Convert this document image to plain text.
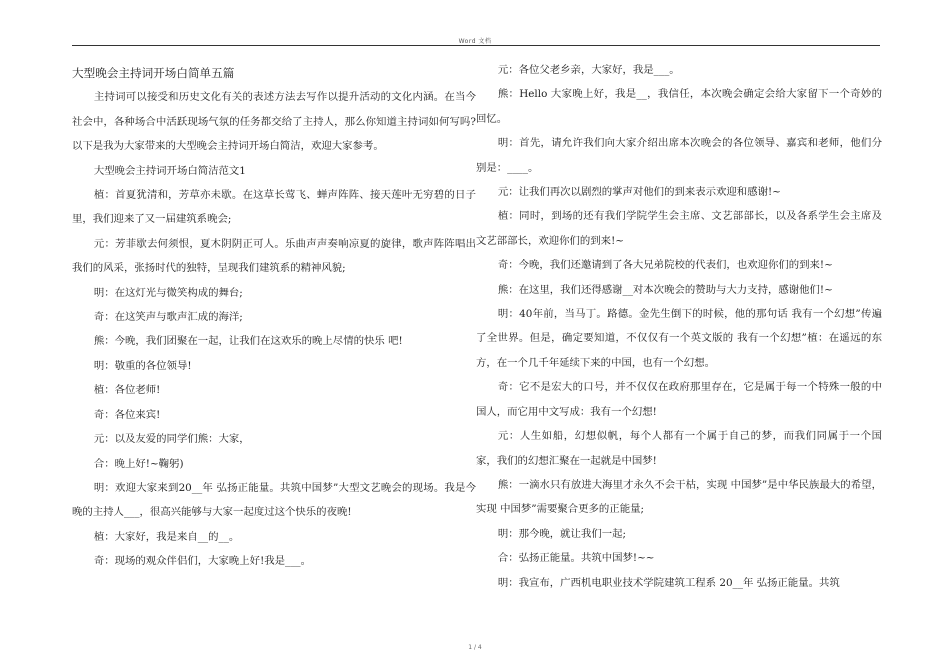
Word 文档
大型晚会主持词开场白简单五篇
主持词可以接受和历史文化有关的表述方法去写作以提升活动的文化内涵。在当今社会中，各种场合中活跃现场气氛的任务都交给了主持人，那么你知道主持词如何写吗?以下是我为大家带来的大型晚会主持词开场白简洁，欢迎大家参考。
大型晚会主持词开场白简洁范文1
植：首夏犹清和，芳草亦未歇。在这草长莺飞、蝉声阵阵、接天莲叶无穷碧的日子里，我们迎来了又一届建筑系晚会;
元：芳菲歇去何须恨，夏木阴阴正可人。乐曲声声奏响凉夏的旋律，歌声阵阵唱出我们的风采，张扬时代的独特，呈现我们建筑系的精神风貌;
明：在这灯光与微笑构成的舞台;
奇：在这笑声与歌声汇成的海洋;
熊：今晚，我们团聚在一起，让我们在这欢乐的晚上尽情的快乐 吧!
明：敬重的各位领导!
植：各位老师!
奇：各位来宾!
元：以及友爱的同学们熊：大家，
合：晚上好!~鞠躬)
明：欢迎大家来到20__年 弘扬正能量。共筑中国梦”大型文艺晚会的现场。我是今晚的主持人___，很高兴能够与大家一起度过这个快乐的夜晚!
植：大家好，我是来自__的__。
奇：现场的观众伴侣们，大家晚上好!我是___。
元：各位父老乡亲，大家好，我是___。
熊：Hello 大家晚上好，我是__，我信任，本次晚会确定会给大家留下一个奇妙的回忆。
明：首先，请允许我们向大家介绍出席本次晚会的各位领导、嘉宾和老师，他们分别是：____。
元：让我们再次以剧烈的掌声对他们的到来表示欢迎和感谢!~
植：同时，到场的还有我们学院学生会主席、文艺部部长，以及各系学生会主席及文艺部部长，欢迎你们的到来!~
奇：今晚，我们还邀请到了各大兄弟院校的代表们，也欢迎你们的到来!~
熊：在这里，我们还得感谢__对本次晚会的赞助与大力支持，感谢他们!~
明：40年前，当马丁。路德。金先生倒下的时候，他的那句话 我有一个幻想”传遍了全世界。但是，确定要知道，不仅仅有一个英文版的 我有一个幻想”植：在遥远的东方，在一个几千年延续下来的中国，也有一个幻想。
奇：它不是宏大的口号，并不仅仅在政府那里存在，它是属于每一个特殊一般的中国人，而它用中文写成：我有一个幻想!
元：人生如船，幻想似帆，每个人都有一个属于自己的梦，而我们同属于一个国家，我们的幻想汇聚在一起就是中国梦!
熊：一滴水只有放进大海里才永久不会干枯，实现 中国梦”是中华民族最大的希望，实现 中国梦”需要聚合更多的正能量;
明：那今晚，就让我们一起;
合：弘扬正能量。共筑中国梦!~~
明：我宣布，广西机电职业技术学院建筑工程系 20__年 弘扬正能量。共筑
1 / 4
